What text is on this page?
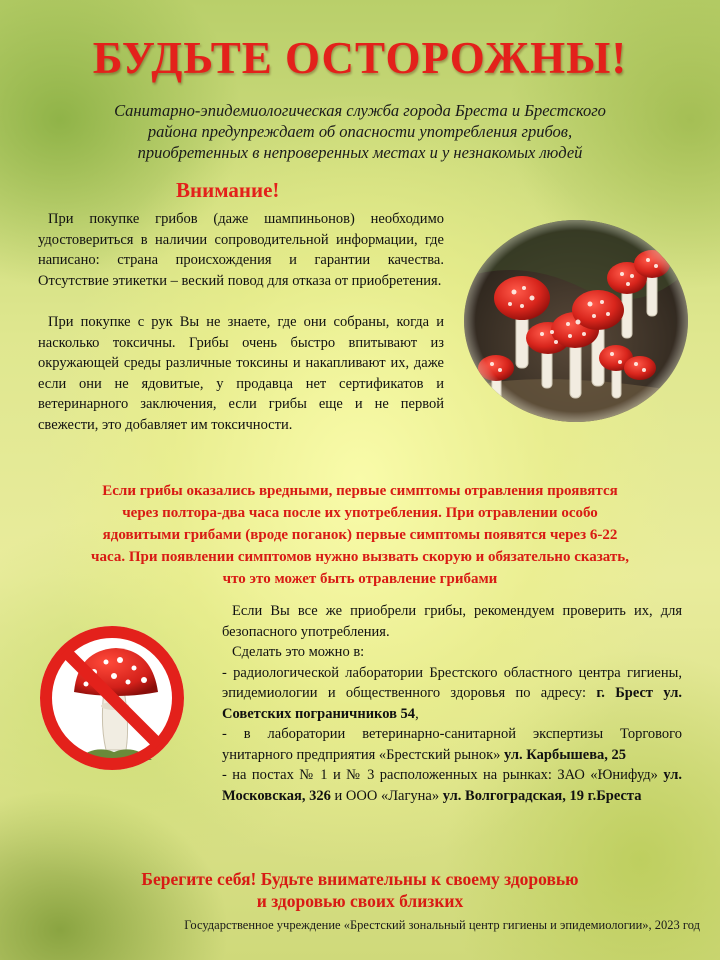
БУДЬТЕ ОСТОРОЖНЫ!
Санитарно-эпидемиологическая служба города Бреста и Брестского
района предупреждает об опасности употребления грибов,
приобретенных в непроверенных местах и у незнакомых людей
Внимание!
При покупке грибов (даже шампиньонов) необходимо удостовериться в наличии сопроводительной информации, где написано: страна происхождения и гарантии качества. Отсутствие этикетки – веский повод для отказа от приобретения.
При покупке с рук Вы не знаете, где они собраны, когда и насколько токсичны. Грибы очень быстро впитывают из окружающей среды различные токсины и накапливают их, даже если они не ядовитые, у продавца нет сертификатов и ветеринарного заключения, если грибы еще и не первой свежести, это добавляет им токсичности.
Если грибы оказались вредными, первые симптомы отравления проявятся
через полтора-два часа после их употребления. При отравлении особо
ядовитыми грибами (вроде поганок) первые симптомы появятся через 6-22
часа. При появлении симптомов нужно вызвать скорую и обязательно сказать,
что это может быть отравление грибами
Если Вы все же приобрели грибы, рекомендуем проверить их, для безопасного употребления.
Сделать это можно в:
- радиологической лаборатории Брестского областного центра гигиены, эпидемиологии и общественного здоровья по адресу: г. Брест ул. Советских пограничников 54,
- в лаборатории ветеринарно-санитарной экспертизы Торгового унитарного предприятия «Брестский рынок» ул. Карбышева, 25
- на постах № 1 и № 3 расположенных на рынках: ЗАО «Юнифуд» ул. Московская, 326 и ООО «Лагуна» ул. Волгоградская, 19 г.Бреста
Берегите себя! Будьте внимательны к своему здоровью
и здоровью своих близких
Государственное учреждение «Брестский зональный центр гигиены и эпидемиологии», 2023 год
